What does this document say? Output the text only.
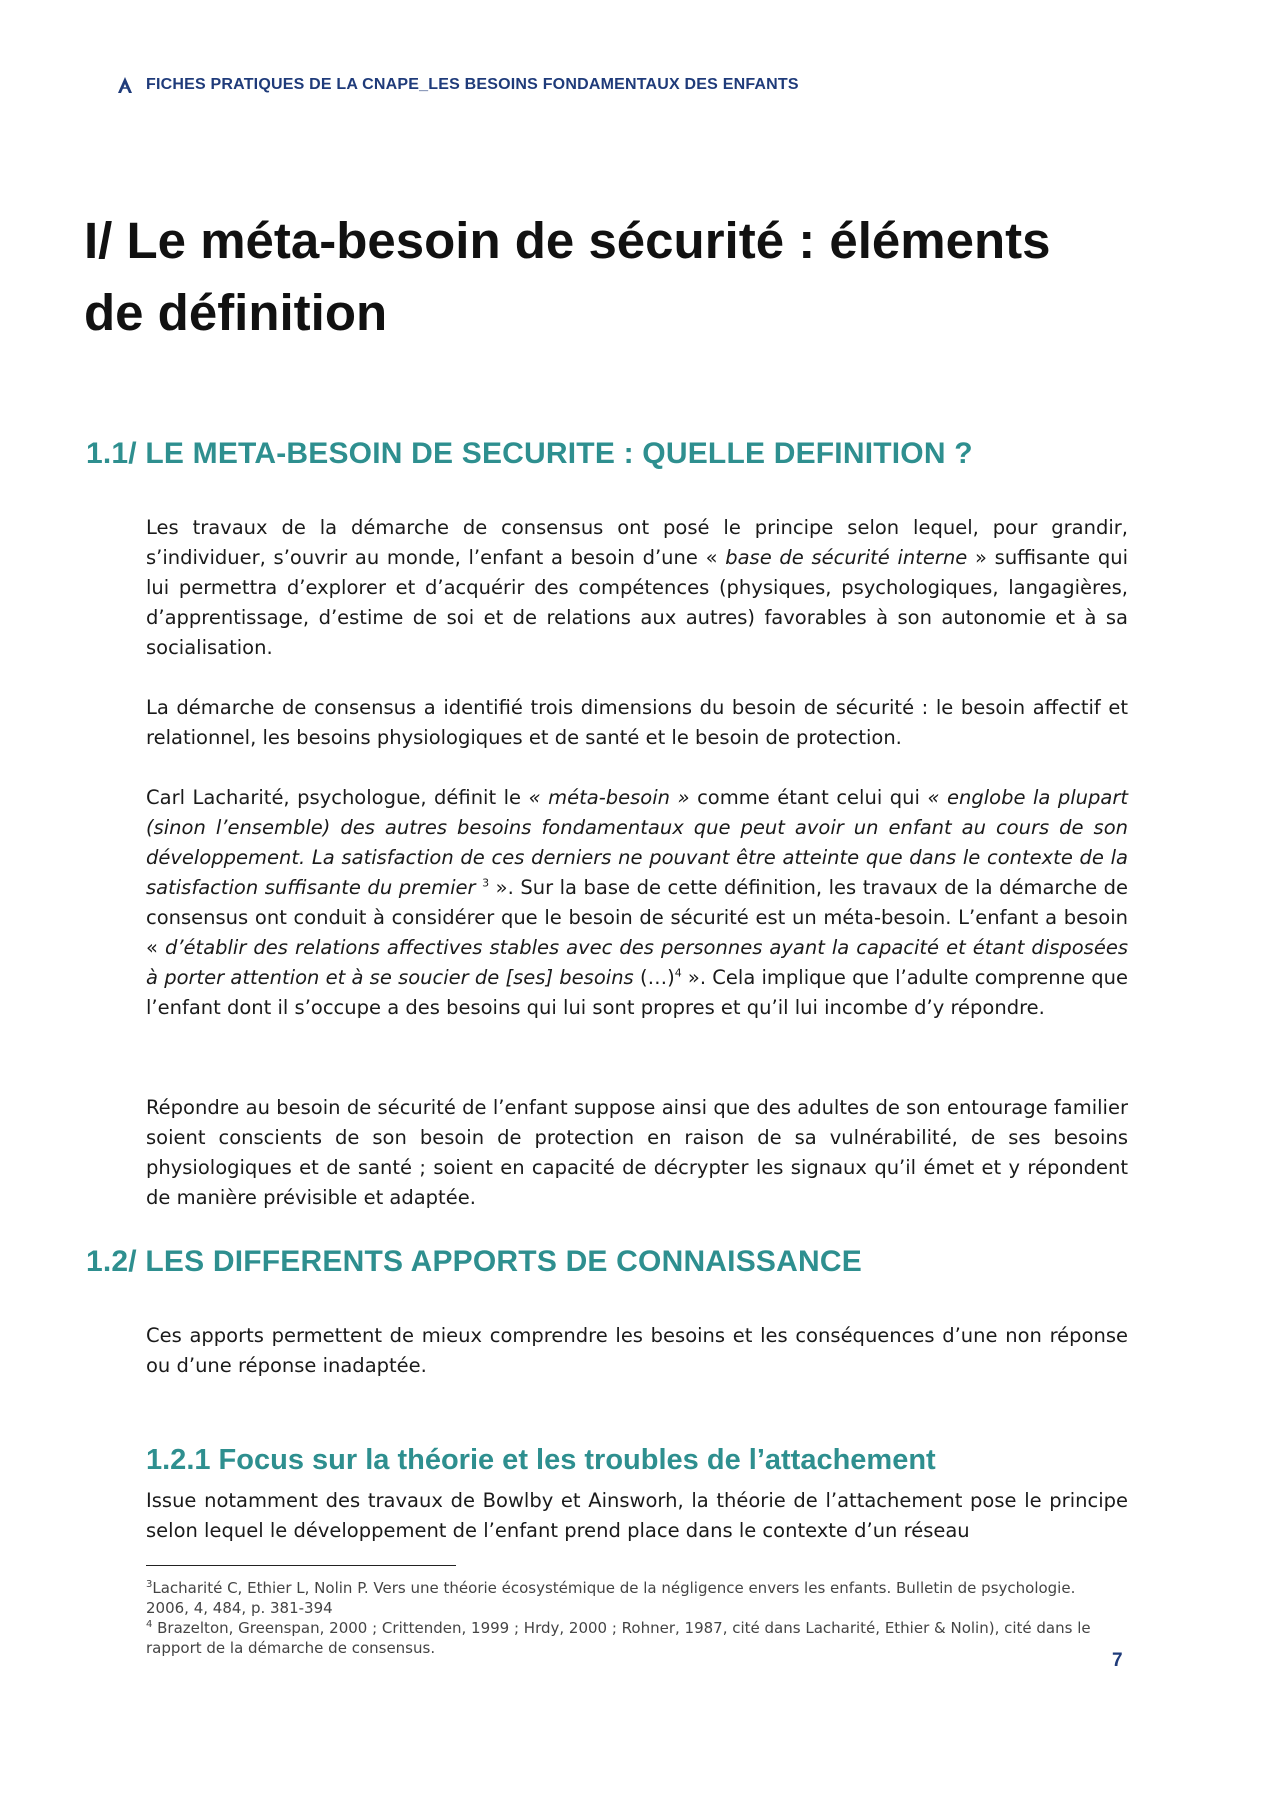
FICHES PRATIQUES DE LA CNAPE_LES BESOINS FONDAMENTAUX DES ENFANTS
I/ Le méta-besoin de sécurité : éléments
de définition
1.1/ LE META-BESOIN DE SECURITE : QUELLE DEFINITION ?

Les travaux de la démarche de consensus ont posé le principe selon lequel, pour grandir, s’individuer, s’ouvrir au monde, l’enfant a besoin d’une « base de sécurité interne » suffisante qui lui permettra d’explorer et d’acquérir des compétences (physiques, psychologiques, langagières, d’apprentissage, d’estime de soi et de relations aux autres) favorables à son autonomie et à sa socialisation.

La démarche de consensus a identifié trois dimensions du besoin de sécurité : le besoin affectif et relationnel, les besoins physiologiques et de santé et le besoin de protection.

Carl Lacharité, psychologue, définit le « méta-besoin » comme étant celui qui « englobe la plupart (sinon l’ensemble) des autres besoins fondamentaux que peut avoir un enfant au cours de son développement. La satisfaction de ces derniers ne pouvant être atteinte que dans le contexte de la satisfaction suffisante du premier $^3$ ». Sur la base de cette définition, les travaux de la démarche de consensus ont conduit à considérer que le besoin de sécurité est un méta-besoin. L’enfant a besoin « d’établir des relations affectives stables avec des personnes ayant la capacité et étant disposées à porter attention et à se soucier de [ses] besoins (…)$^4$ ». Cela implique que l’adulte comprenne que l’enfant dont il s’occupe a des besoins qui lui sont propres et qu’il lui incombe d’y répondre.

Répondre au besoin de sécurité de l’enfant suppose ainsi que des adultes de son entourage familier soient conscients de son besoin de protection en raison de sa vulnérabilité, de ses besoins physiologiques et de santé ; soient en capacité de décrypter les signaux qu’il émet et y répondent de manière prévisible et adaptée.

1.2/ LES DIFFERENTS APPORTS DE CONNAISSANCE

Ces apports permettent de mieux comprendre les besoins et les conséquences d’une non réponse ou d’une réponse inadaptée.

1.2.1 Focus sur la théorie et les troubles de l’attachement

Issue notamment des travaux de Bowlby et Ainsworh, la théorie de l’attachement pose le principe selon lequel le développement de l’enfant prend place dans le contexte d’un réseau

$^3$Lacharité C, Ethier L, Nolin P. Vers une théorie écosystémique de la négligence envers les enfants. Bulletin de psychologie. 2006, 4, 484, p. 381-394

$^4$ Brazelton, Greenspan, 2000 ; Crittenden, 1999 ; Hrdy, 2000 ; Rohner, 1987, cité dans Lacharité, Ethier & Nolin), cité dans le rapport de la démarche de consensus.

7
